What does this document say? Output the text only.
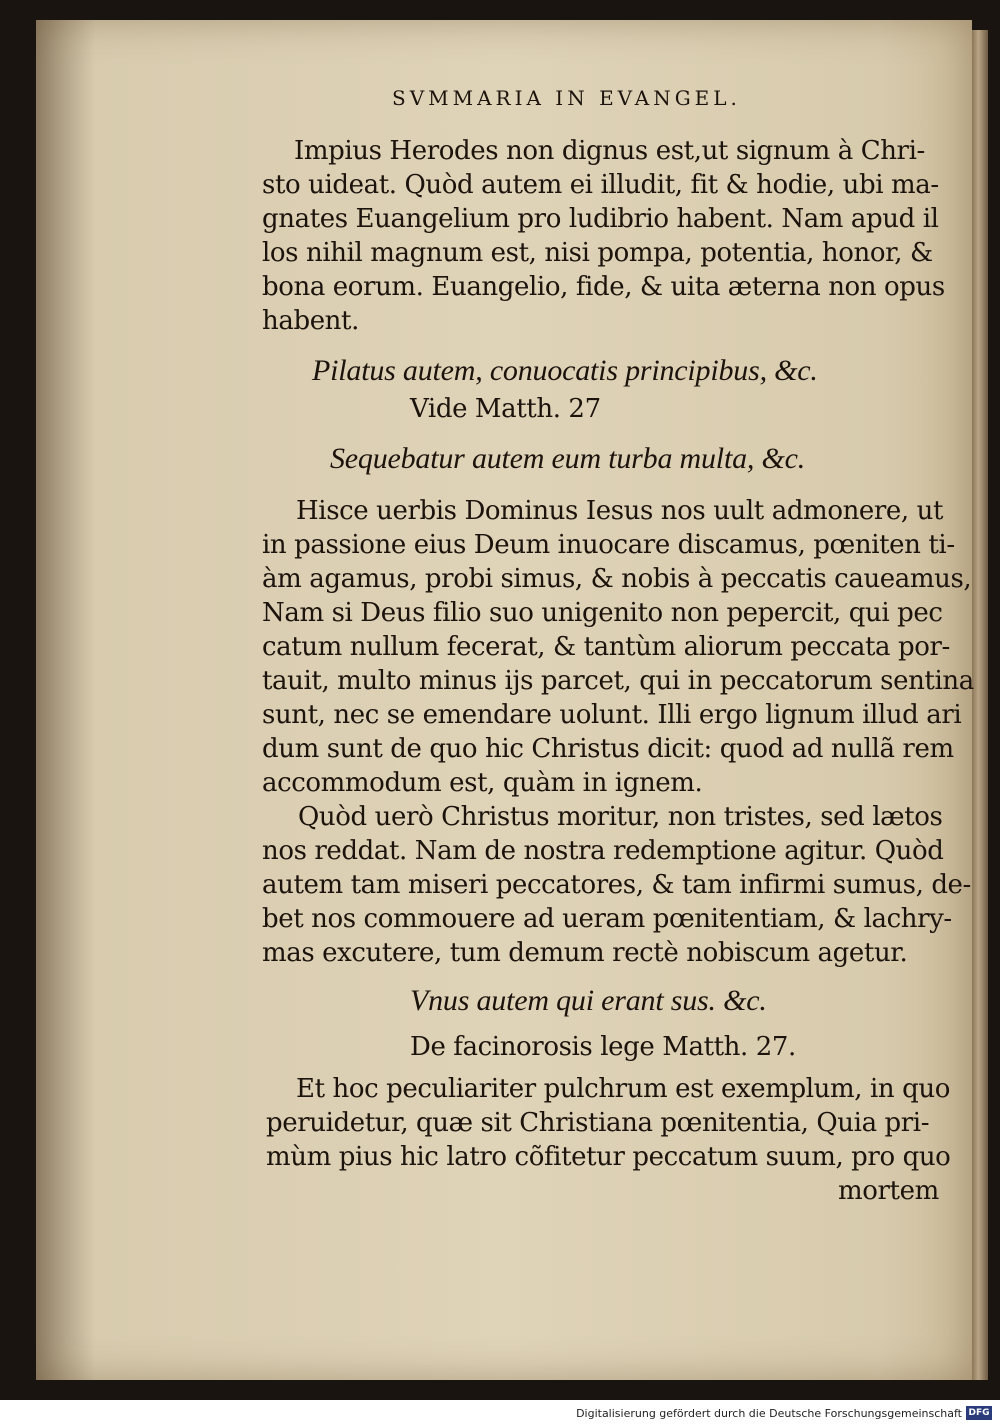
SVMMARIA IN EVANGEL.
Impius Herodes non dignus est,ut signum à Chri-
sto uideat. Quòd autem ei illudit, fit & hodie, ubi ma-
gnates Euangelium pro ludibrio habent. Nam apud il
los nihil magnum est, nisi pompa, potentia, honor, &
bona eorum. Euangelio, fide, & uita æterna non opus
habent.
Pilatus autem, conuocatis principibus, &c.
Vide Matth. 27
Sequebatur autem eum turba multa, &c.
Hisce uerbis Dominus Iesus nos uult admonere, ut
in passione eius Deum inuocare discamus, pœniten ti-
àm agamus, probi simus, & nobis à peccatis caueamus,
Nam si Deus filio suo unigenito non pepercit, qui pec
catum nullum fecerat, & tantùm aliorum peccata por-
tauit, multo minus ijs parcet, qui in peccatorum sentina
sunt, nec se emendare uolunt. Illi ergo lignum illud ari
dum sunt de quo hic Christus dicit: quod ad nullã rem
accommodum est, quàm in ignem.
Quòd uerò Christus moritur, non tristes, sed lætos
nos reddat. Nam de nostra redemptione agitur. Quòd
autem tam miseri peccatores, & tam infirmi sumus, de-
bet nos commouere ad ueram pœnitentiam, & lachry-
mas excutere, tum demum rectè nobiscum agetur.
Vnus autem qui erant sus. &c.
De facinorosis lege Matth. 27.
Et hoc peculiariter pulchrum est exemplum, in quo
peruidetur, quæ sit Christiana pœnitentia, Quia pri-
mùm pius hic latro cõfitetur peccatum suum, pro quo
mortem
Digitalisierung gefördert durch die Deutsche Forschungsgemeinschaft DFG
